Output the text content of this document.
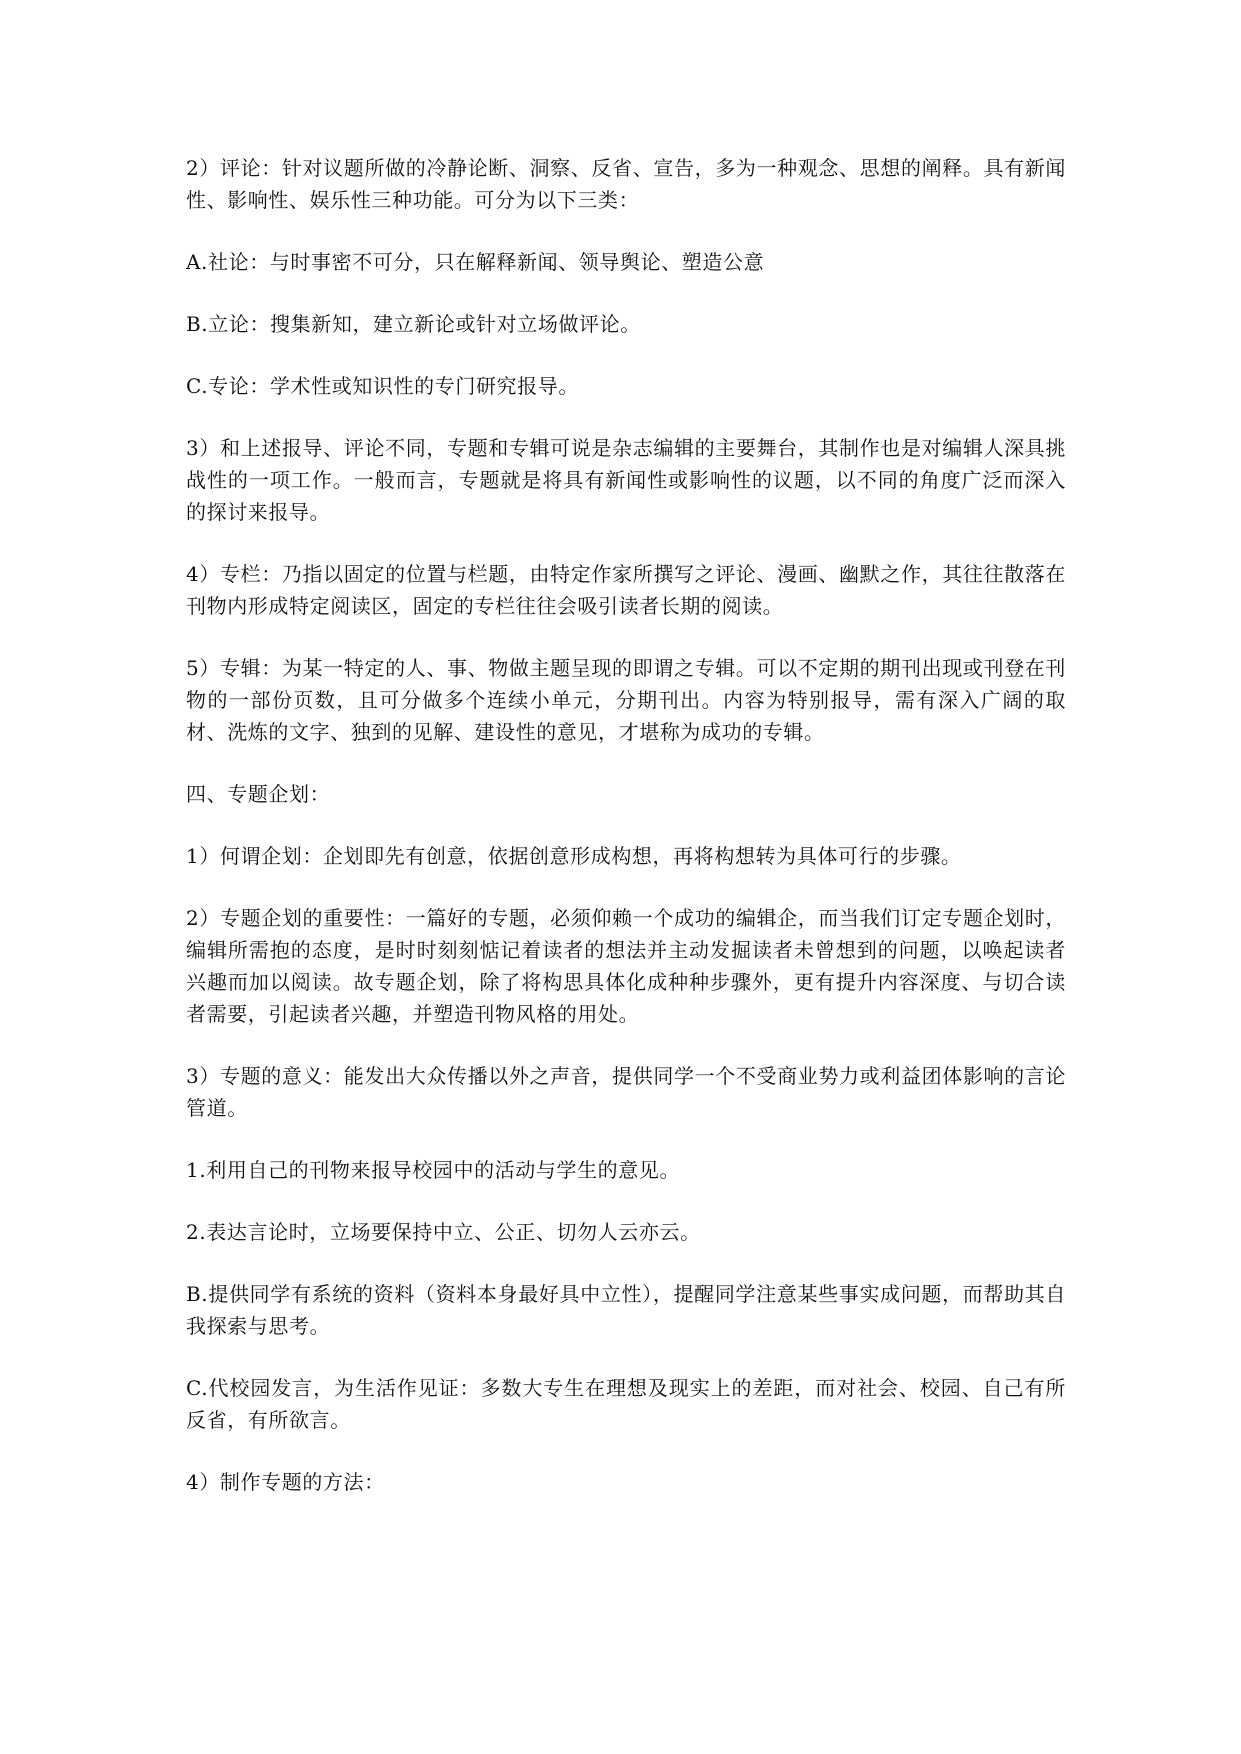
2）评论：针对议题所做的冷静论断、洞察、反省、宣告，多为一种观念、思想的阐释。具有新闻性、影响性、娱乐性三种功能。可分为以下三类：

A.社论：与时事密不可分，只在解释新闻、领导舆论、塑造公意

B.立论：搜集新知，建立新论或针对立场做评论。

C.专论：学术性或知识性的专门研究报导。

3）和上述报导、评论不同，专题和专辑可说是杂志编辑的主要舞台，其制作也是对编辑人深具挑战性的一项工作。一般而言，专题就是将具有新闻性或影响性的议题，以不同的角度广泛而深入的探讨来报导。

4）专栏：乃指以固定的位置与栏题，由特定作家所撰写之评论、漫画、幽默之作，其往往散落在刊物内形成特定阅读区，固定的专栏往往会吸引读者长期的阅读。

5）专辑：为某一特定的人、事、物做主题呈现的即谓之专辑。可以不定期的期刊出现或刊登在刊物的一部份页数，且可分做多个连续小单元，分期刊出。内容为特别报导，需有深入广阔的取材、洗炼的文字、独到的见解、建设性的意见，才堪称为成功的专辑。

四、专题企划：

1）何谓企划：企划即先有创意，依据创意形成构想，再将构想转为具体可行的步骤。

2）专题企划的重要性：一篇好的专题，必须仰赖一个成功的编辑企，而当我们订定专题企划时，编辑所需抱的态度，是时时刻刻惦记着读者的想法并主动发掘读者未曾想到的问题，以唤起读者兴趣而加以阅读。故专题企划，除了将构思具体化成种种步骤外，更有提升内容深度、与切合读者需要，引起读者兴趣，并塑造刊物风格的用处。

3）专题的意义：能发出大众传播以外之声音，提供同学一个不受商业势力或利益团体影响的言论管道。

1.利用自己的刊物来报导校园中的活动与学生的意见。

2.表达言论时，立场要保持中立、公正、切勿人云亦云。

B.提供同学有系统的资料（资料本身最好具中立性），提醒同学注意某些事实成问题，而帮助其自我探索与思考。

C.代校园发言，为生活作见证：多数大专生在理想及现实上的差距，而对社会、校园、自己有所反省，有所欲言。

4）制作专题的方法：
